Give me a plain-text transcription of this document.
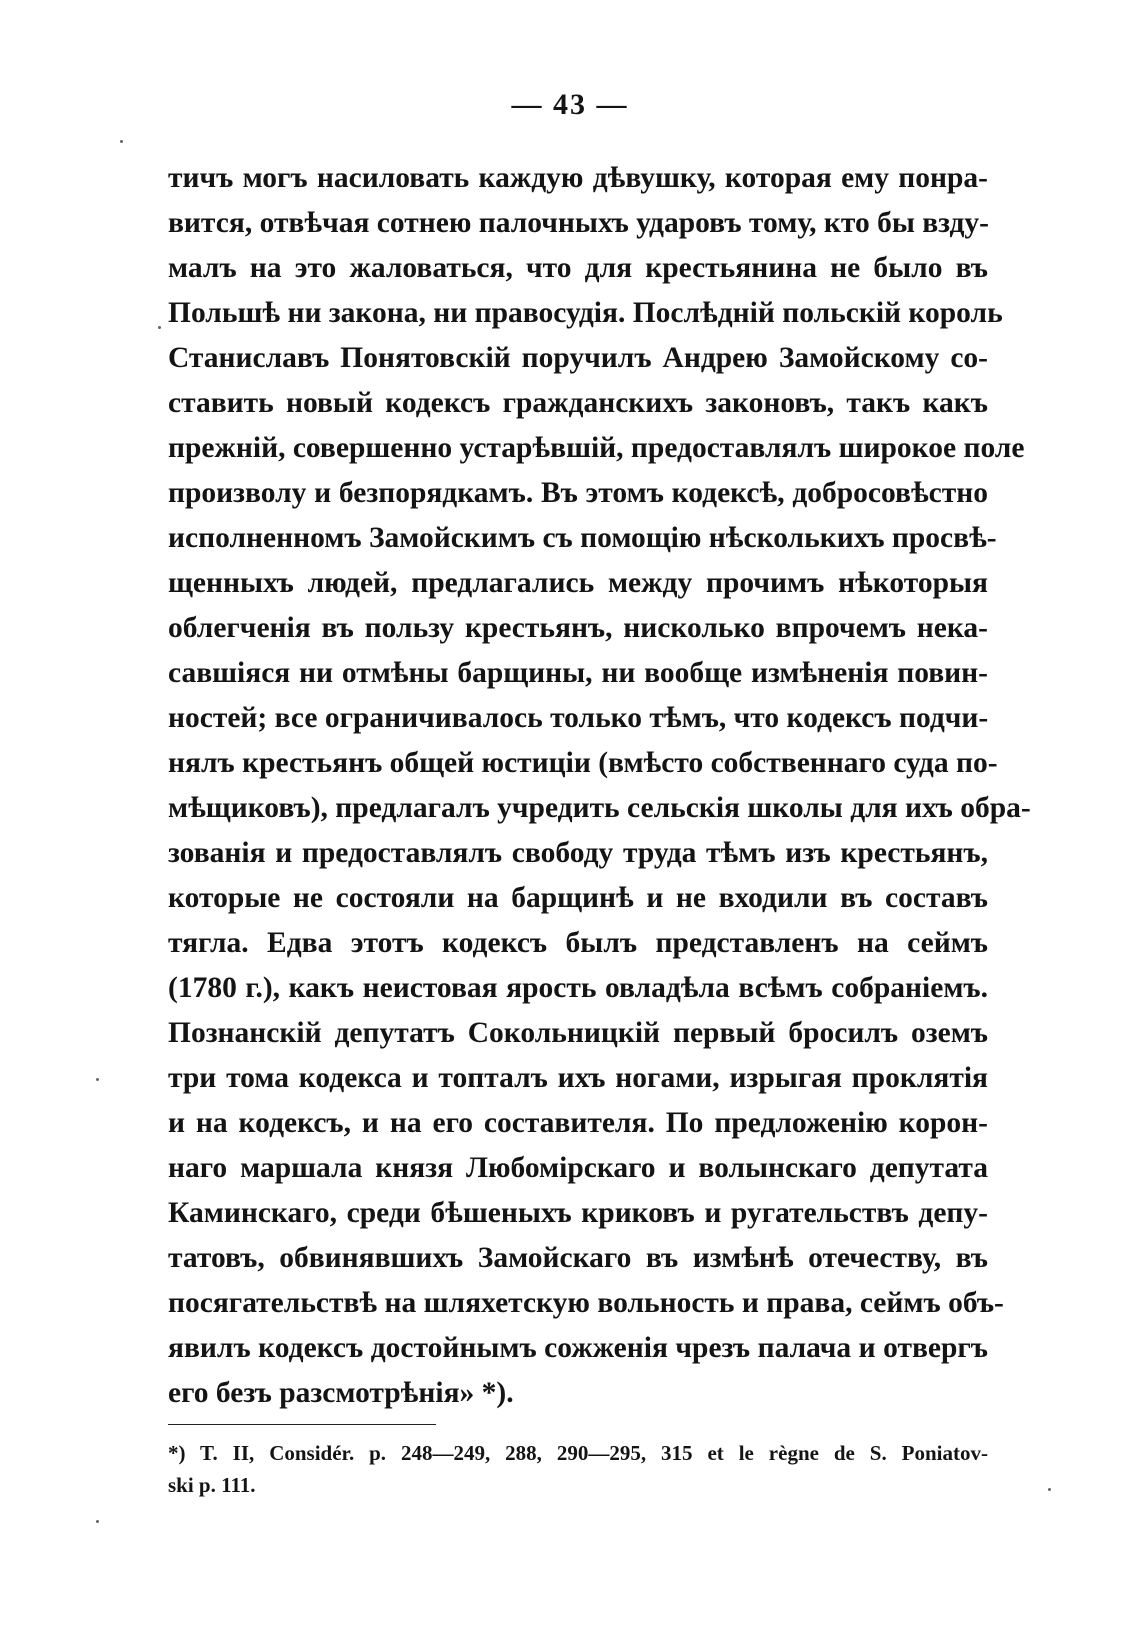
— 43 —
тичъ могъ насиловать каждую дѣвушку, которая ему понра-
вится, отвѣчая сотнею палочныхъ ударовъ тому, кто бы взду-
малъ на это жаловаться, что для крестьянина не было въ
Польшѣ ни закона, ни правосудія. Послѣдній польскій король
Станиславъ Понятовскій поручилъ Андрею Замойскому со-
ставить новый кодексъ гражданскихъ законовъ, такъ какъ
прежній, совершенно устарѣвшій, предоставлялъ широкое поле
произволу и безпорядкамъ. Въ этомъ кодексѣ, добросовѣстно
исполненномъ Замойскимъ съ помощію нѣсколькихъ просвѣ-
щенныхъ людей, предлагались между прочимъ нѣкоторыя
облегченія въ пользу крестьянъ, нисколько впрочемъ нека-
савшіяся ни отмѣны барщины, ни вообще измѣненія повин-
ностей; все ограничивалось только тѣмъ, что кодексъ подчи-
нялъ крестьянъ общей юстиціи (вмѣсто собственнаго суда по-
мѣщиковъ), предлагалъ учредить сельскія школы для ихъ обра-
зованія и предоставлялъ свободу труда тѣмъ изъ крестьянъ,
которые не состояли на барщинѣ и не входили въ составъ
тягла. Едва этотъ кодексъ былъ представленъ на сеймъ
(1780 г.), какъ неистовая ярость овладѣла всѣмъ собраніемъ.
Познанскій депутатъ Сокольницкій первый бросилъ оземъ
три тома кодекса и топталъ ихъ ногами, изрыгая проклятія
и на кодексъ, и на его составителя. По предложенію корон-
наго маршала князя Любомірскаго и волынскаго депутата
Каминскаго, среди бѣшеныхъ криковъ и ругательствъ депу-
татовъ, обвинявшихъ Замойскаго въ измѣнѣ отечеству, въ
посягательствѣ на шляхетскую вольность и права, сеймъ объ-
явилъ кодексъ достойнымъ сожженія чрезъ палача и отвергъ
его безъ разсмотрѣнія» *).
*) T. II, Considér. p. 248—249, 288, 290—295, 315 et le règne de S. Poniatov-
ski p. 111.
